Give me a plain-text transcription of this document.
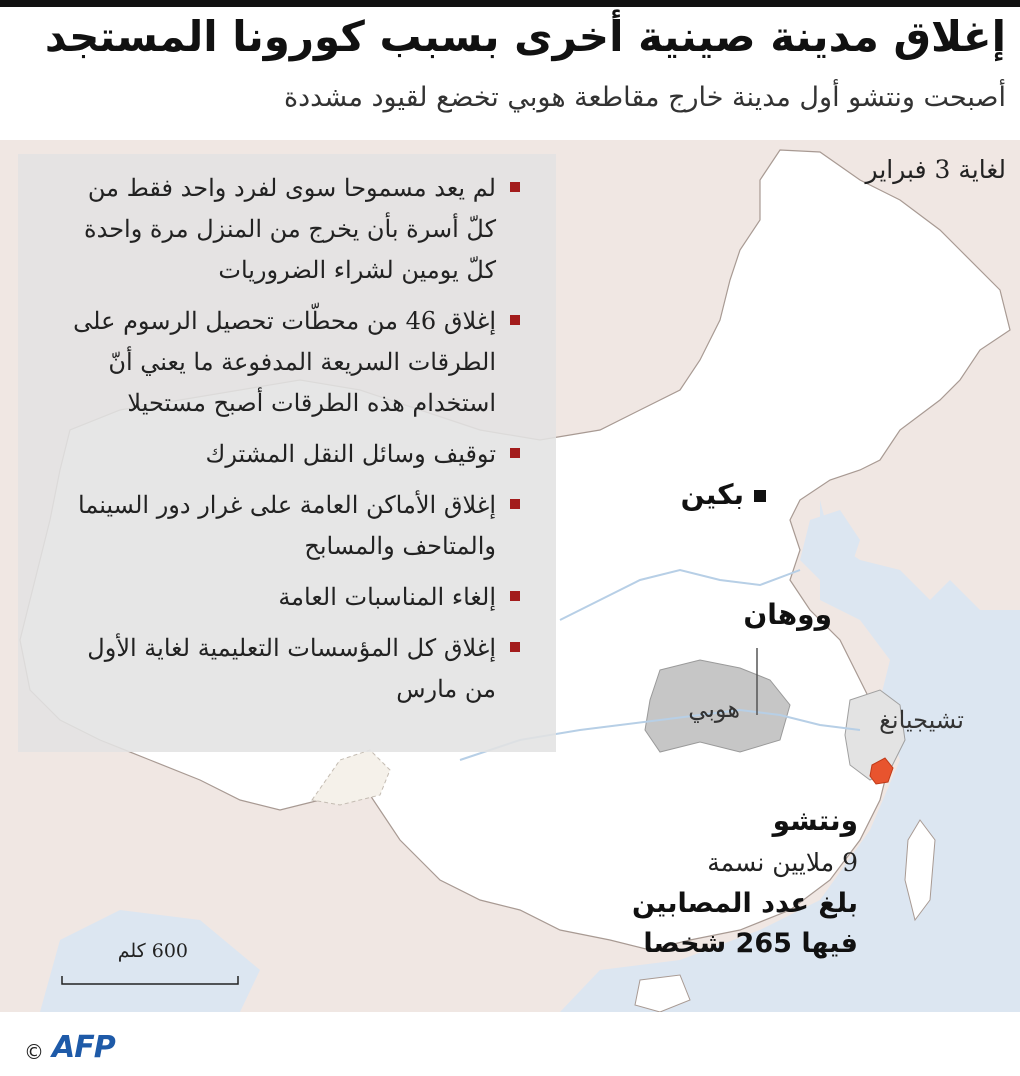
إغلاق مدينة صينية أخرى بسبب كورونا المستجد
أصبحت ونتشو أول مدينة خارج مقاطعة هوبي تخضع لقيود مشددة
لم يعد مسموحا سوى لفرد واحد فقط من كلّ أسرة بأن يخرج من المنزل مرة واحدة كلّ يومين لشراء الضروريات
إغلاق 46 من محطّات تحصيل الرسوم على الطرقات السريعة المدفوعة ما يعني أنّ استخدام هذه الطرقات أصبح مستحيلا
توقيف وسائل النقل المشترك
إغلاق الأماكن العامة على غرار دور السينما والمتاحف والمسابح
إلغاء المناسبات العامة
إغلاق كل المؤسسات التعليمية لغاية الأول من مارس
لغاية 3 فبراير
بكين
ووهان
هوبي	تشيجيانغ
ونتشو
9 ملايين نسمة
بلغ عدد المصابين
فيها 265 شخصا
600 كلم
© AFP
